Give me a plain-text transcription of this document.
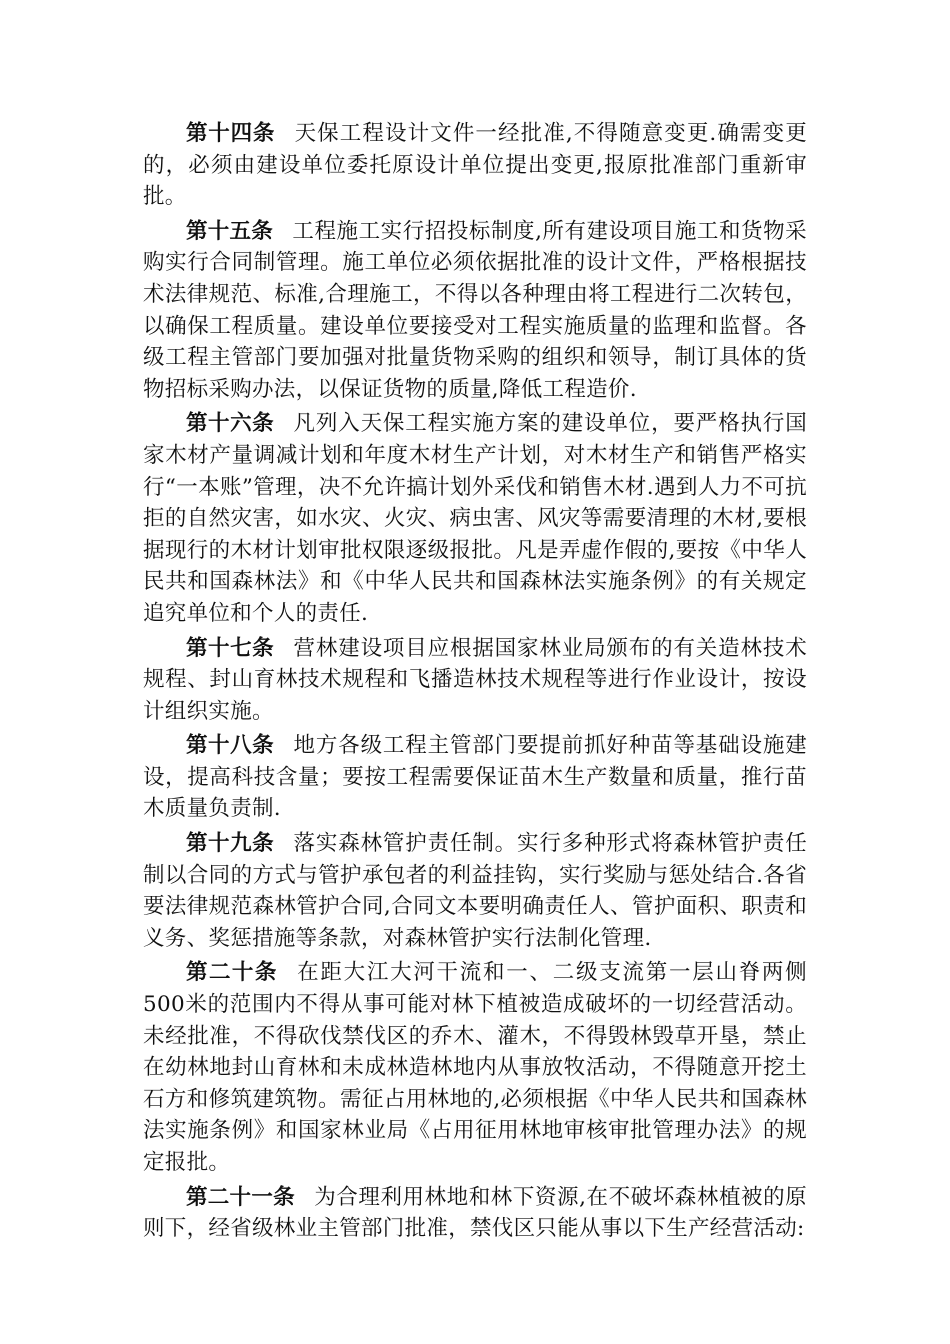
第十四条 天保工程设计文件一经批准,不得随意变更.确需变更的，必须由建设单位委托原设计单位提出变更,报原批准部门重新审批。

第十五条 工程施工实行招投标制度,所有建设项目施工和货物采购实行合同制管理。施工单位必须依据批准的设计文件，严格根据技术法律规范、标准,合理施工，不得以各种理由将工程进行二次转包，以确保工程质量。建设单位要接受对工程实施质量的监理和监督。各级工程主管部门要加强对批量货物采购的组织和领导，制订具体的货物招标采购办法，以保证货物的质量,降低工程造价.

第十六条 凡列入天保工程实施方案的建设单位，要严格执行国家木材产量调减计划和年度木材生产计划，对木材生产和销售严格实行“一本账”管理，决不允许搞计划外采伐和销售木材.遇到人力不可抗拒的自然灾害，如水灾、火灾、病虫害、风灾等需要清理的木材,要根据现行的木材计划审批权限逐级报批。凡是弄虚作假的,要按《中华人民共和国森林法》和《中华人民共和国森林法实施条例》的有关规定追究单位和个人的责任.

第十七条 营林建设项目应根据国家林业局颁布的有关造林技术规程、封山育林技术规程和飞播造林技术规程等进行作业设计，按设计组织实施。

第十八条 地方各级工程主管部门要提前抓好种苗等基础设施建设，提高科技含量；要按工程需要保证苗木生产数量和质量，推行苗木质量负责制.

第十九条 落实森林管护责任制。实行多种形式将森林管护责任制以合同的方式与管护承包者的利益挂钩，实行奖励与惩处结合.各省要法律规范森林管护合同,合同文本要明确责任人、管护面积、职责和义务、奖惩措施等条款，对森林管护实行法制化管理.

第二十条 在距大江大河干流和一、二级支流第一层山脊两侧500米的范围内不得从事可能对林下植被造成破坏的一切经营活动。未经批准，不得砍伐禁伐区的乔木、灌木，不得毁林毁草开垦，禁止在幼林地封山育林和未成林造林地内从事放牧活动，不得随意开挖土石方和修筑建筑物。需征占用林地的,必须根据《中华人民共和国森林法实施条例》和国家林业局《占用征用林地审核审批管理办法》的规定报批。

第二十一条 为合理利用林地和林下资源,在不破坏森林植被的原则下，经省级林业主管部门批准，禁伐区只能从事以下生产经营活动:
